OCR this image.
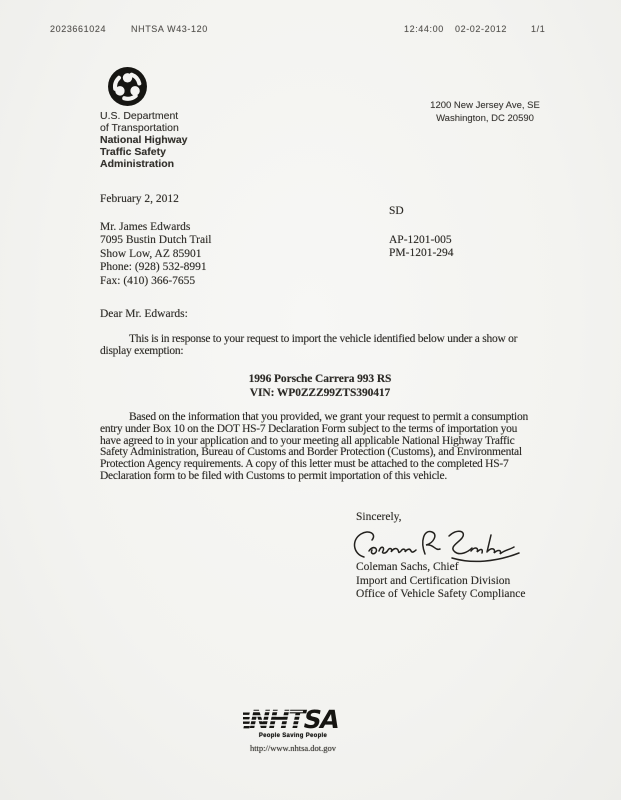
2023661024	NHTSA W43-120	12:44:00 02-02-2012	1/1
U.S. Department
of Transportation
National Highway
Traffic Safety
Administration
1200 New Jersey Ave, SE
Washington, DC 20590
February 2, 2012
SD
AP-1201-005
PM-1201-294
Mr. James Edwards
7095 Bustin Dutch Trail
Show Low, AZ 85901
Phone: (928) 532-8991
Fax: (410) 366-7655
Dear Mr. Edwards:
This is in response to your request to import the vehicle identified below under a show or
display exemption:
1996 Porsche Carrera 993 RS
VIN: WP0ZZZ99ZTS390417
Based on the information that you provided, we grant your request to permit a consumption
entry under Box 10 on the DOT HS-7 Declaration Form subject to the terms of importation you
have agreed to in your application and to your meeting all applicable National Highway Traffic
Safety Administration, Bureau of Customs and Border Protection (Customs), and Environmental
Protection Agency requirements. A copy of this letter must be attached to the completed HS-7
Declaration form to be filed with Customs to permit importation of this vehicle.
Sincerely,
Coleman Sachs, Chief
Import and Certification Division
Office of Vehicle Safety Compliance
NHTSA
People Saving People
http://www.nhtsa.dot.gov
